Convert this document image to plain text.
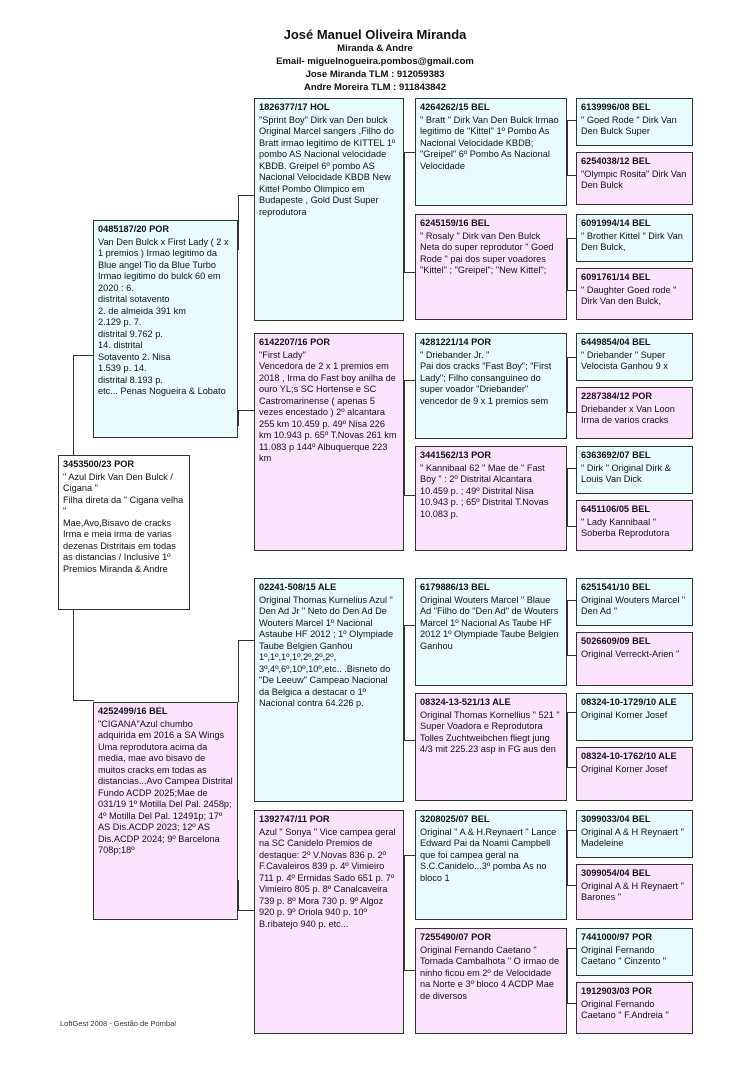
José Manuel Oliveira Miranda
Miranda & Andre
Email- miguelnogueira.pombos@gmail.com
Jose Miranda TLM : 912059383
Andre Moreira TLM : 911843842
3453500/23 POR
" Azul Dirk Van Den Bulck / Cigana "
Filha direta da " Cigana velha "
Mae,Avo,Bisavo de cracks Irma e meia irma de varias dezenas Distritais em todas as distancias / Inclusive 1º Premios Miranda & Andre
0485187/20 POR
Van Den Bulck x First Lady ( 2 x 1 premios ) Irmao legitimo da Blue angel Tio da Blue Turbo Irmao legitimo do bulck 60 em 2020 : 6.
distrital sotavento
2. de almeida 391 km
2.129 p. 7.
distrital 9.762 p.
14. distrital
Sotavento 2. Nisa
1.539 p. 14.
distrital 8.193 p.
etc... Penas Nogueira & Lobato
4252499/16 BEL
"CIGANA"Azul chumbo adquirida em 2016 a SA Wings Uma reprodutora acima da media, mae avo bisavo de muitos cracks em todas as distancias...Avo Campea Distrital Fundo ACDP 2025;Mae de 031/19 1º Motilla Del Pal. 2458p; 4º Motilla Del Pal. 12491p; 17º AS Dis.ACDP 2023; 12º AS Dis.ACDP 2024; 9º Barcelona 708p;18º
1826377/17 HOL
"Sprint Boy" Dirk van Den bulck Original Marcel sangers ,Filho do Bratt irmao legitimo de KITTEL 1º pombo AS Nacional velocidade KBDB. Greipel 6º pombo AS Nacional Velocidade KBDB New Kittel Pombo Olimpico em Budapeste , Gold Dust Super reprodutora
6142207/16 POR
"First Lady"
Vencedora de 2 x 1 premios em 2018 , Irma do Fast boy anilha de ouro YL;s SC Hortense e SC Castromarinense ( apenas 5 vezes encestado ) 2º alcantara 255 km 10.459 p. 49º Nisa 226 km 10.943 p. 65º T.Novas 261 km 11.083 p 144º Albuquerque 223 km
02241-508/15 ALE
Original Thomas Kurnelius Azul " Den Ad Jr " Neto do Den Ad De Wouters Marcel 1º Nacional Astaube HF 2012 ; 1º Olympiade Taube Belgien Ganhou 1º,1º,1º,1º,2º,2º,2º, 3º,4º,6º,10º,10º,etc.. .Bisneto do "De Leeuw" Campeao Nacional da Belgica a destacar o 1º Nacional contra 64.226 p.
1392747/11 POR
Azul " Sonya " Vice campea geral na SC Canidelo Premios de destaque: 2º V.Novas 836 p. 2º F.Cavaleiros 839 p. 4º Vimieiro 711 p. 4º Ermidas Sado 651 p. 7º Vimieiro 805 p. 8º Canalcaveira 739 p. 8º Mora 730 p. 9º Algoz 920 p. 9º Oriola 940 p. 10º B.ribatejo 940 p. etc...
4264262/15 BEL
" Bratt " Dirk Van Den Bulck Irmao legitimo de "Kittel" 1º Pombo As Nacional Velocidade KBDB; "Greipel" 6º Pombo As Nacional Velocidade
6245159/16 BEL
" Rosaly " Dirk van Den Bulck Neta do super reprodutor " Goed Rode " pai dos super voadores "Kittel" ; "Greipel"; "New Kittel";
4281221/14 POR
" Driebander Jr. "
Pai dos cracks "Fast Boy"; "First Lady"; Filho consanguineo do super voador "Driebander" vencedor de 9 x 1 premios sem
3441562/13 POR
" Kannibaal 62 " Mae de " Fast Boy " : 2º Distrital Alcantara 10.459 p. ; 49º Distrital Nisa 10.943 p. ; 65º Distrital T.Novas 10.083 p.
6179886/13 BEL
Original Wouters Marcel " Blaue Ad "Filho do "Den Ad" de Wouters Marcel 1º Nacional As Taube HF 2012 1º Olympiade Taube Belgien Ganhou
08324-13-521/13 ALE
Original Thomas Kornellius " 521 " Super Voadora e Reprodutora Tolles Zuchtweibchen fliegt jung 4/3 mit 225.23 asp in FG aus den
3208025/07 BEL
Original " A & H.Reynaert " Lance Edward Pai da Noami Campbell que foi campea geral na S.C.Canidelo...3º pomba As no bloco 1
7255490/07 POR
Original Fernando Caetano " Tornada Cambalhota " O irmao de ninho ficou em 2º de Velocidade na Norte e 3º bloco 4 ACDP Mae de diversos
6139996/08 BEL
" Goed Rode " Dirk Van Den Bulck Super
6254038/12 BEL
"Olympic Rosita" Dirk Van Den Bulck
6091994/14 BEL
" Brother Kittel " Dirk Van Den Bulck,
6091761/14 BEL
" Daughter Goed rode " Dirk Van den Bulck,
6449854/04 BEL
" Driebander " Super Velocista Ganhou 9 x
2287384/12 POR
Driebander x Van Loon Irma de varios cracks
6363692/07 BEL
" Dirk " Original Dirk & Louis Van Dick
6451106/05 BEL
" Lady Kannibaal " Soberba Reprodutora
6251541/10 BEL
Original Wouters Marcel " Den Ad "
5026609/09 BEL
Original Verreckt-Arien "
08324-10-1729/10 ALE
Original Korner Josef
08324-10-1762/10 ALE
Original Korner Josef
3099033/04 BEL
Original A & H Reynaert " Madeleine
3099054/04 BEL
Original A & H Reynaert " Barones "
7441000/97 POR
Original Fernando Caetano " Cinzento "
1912903/03 POR
Original Fernando Caetano " F.Andreia "
LoftGest 2008 - Gestão de Pombal
